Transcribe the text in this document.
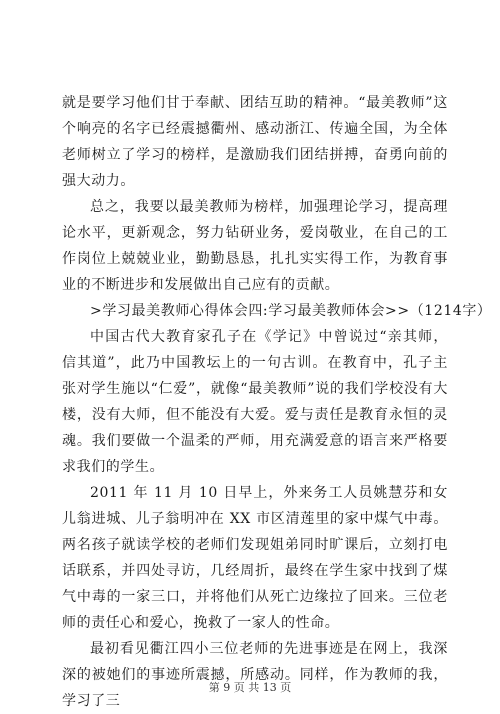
就是要学习他们甘于奉献、团结互助的精神。“最美教师”这个响亮的名字已经震撼衢州、感动浙江、传遍全国，为全体老师树立了学习的榜样，是激励我们团结拼搏，奋勇向前的强大动力。

总之，我要以最美教师为榜样，加强理论学习，提高理论水平，更新观念，努力钻研业务，爱岗敬业，在自己的工作岗位上兢兢业业，勤勤恳恳，扎扎实实得工作，为教育事业的不断进步和发展做出自己应有的贡献。

>学习最美教师心得体会四:学习最美教师体会>>（1214字）

中国古代大教育家孔子在《学记》中曾说过“亲其师，信其道”，此乃中国教坛上的一句古训。在教育中，孔子主张对学生施以“仁爱”，就像“最美教师”说的我们学校没有大楼，没有大师，但不能没有大爱。爱与责任是教育永恒的灵魂。我们要做一个温柔的严师，用充满爱意的语言来严格要求我们的学生。

2011 年 11 月 10 日早上，外来务工人员姚慧芬和女儿翁进城、儿子翁明冲在 XX 市区清莲里的家中煤气中毒。两名孩子就读学校的老师们发现姐弟同时旷课后，立刻打电话联系，并四处寻访，几经周折，最终在学生家中找到了煤气中毒的一家三口，并将他们从死亡边缘拉了回来。三位老师的责任心和爱心，挽救了一家人的性命。

最初看见衢江四小三位老师的先进事迹是在网上，我深深的被她们的事迹所震撼，所感动。同样，作为教师的我，学习了三

第 9 页 共 13 页
